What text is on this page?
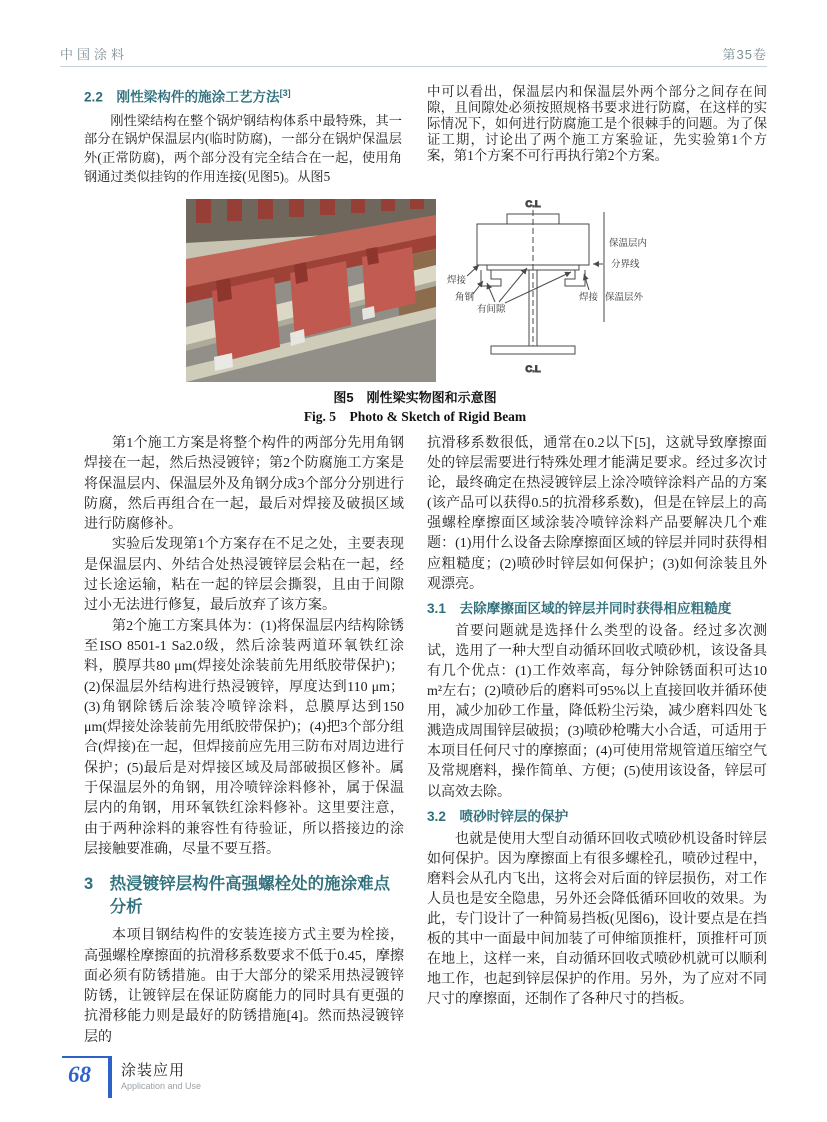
中国涂料	第35卷
2.2　刚性梁构件的施涂工艺方法[3]

刚性梁结构在整个锅炉钢结构体系中最特殊，其一部分在锅炉保温层内(临时防腐)，一部分在锅炉保温层外(正常防腐)，两个部分没有完全结合在一起，使用角钢通过类似挂钩的作用连接(见图5)。从图5

中可以看出，保温层内和保温层外两个部分之间存在间隙，且间隙处必须按照规格书要求进行防腐，在这样的实际情况下，如何进行防腐施工是个很棘手的问题。为了保证工期，讨论出了两个施工方案验证，先实验第1个方案，第1个方案不可行再执行第2个方案。

C.L
C.L
保温层内
分界线
焊接 保温层外
焊接
角钢
有间隙
图5　刚性梁实物图和示意图
Fig. 5　Photo & Sketch of Rigid Beam

第1个施工方案是将整个构件的两部分先用角钢焊接在一起，然后热浸镀锌；第2个防腐施工方案是将保温层内、保温层外及角钢分成3个部分分别进行防腐，然后再组合在一起，最后对焊接及破损区域进行防腐修补。

实验后发现第1个方案存在不足之处，主要表现是保温层内、外结合处热浸镀锌层会粘在一起，经过长途运输，粘在一起的锌层会撕裂，且由于间隙过小无法进行修复，最后放弃了该方案。

第2个施工方案具体为：(1)将保温层内结构除锈至ISO 8501-1 Sa2.0级，然后涂装两道环氧铁红涂料，膜厚共80 μm(焊接处涂装前先用纸胶带保护)；(2)保温层外结构进行热浸镀锌，厚度达到110 μm；(3)角钢除锈后涂装冷喷锌涂料，总膜厚达到150 μm(焊接处涂装前先用纸胶带保护)；(4)把3个部分组合(焊接)在一起，但焊接前应先用三防布对周边进行保护；(5)最后是对焊接区域及局部破损区修补。属于保温层外的角钢，用冷喷锌涂料修补，属于保温层内的角钢，用环氧铁红涂料修补。这里要注意，由于两种涂料的兼容性有待验证，所以搭接边的涂层接触要准确，尽量不要互搭。

3　热浸镀锌层构件高强螺栓处的施涂难点分析

本项目钢结构件的安装连接方式主要为栓接，高强螺栓摩擦面的抗滑移系数要求不低于0.45，摩擦面必须有防锈措施。由于大部分的梁采用热浸镀锌防锈，让镀锌层在保证防腐能力的同时具有更强的抗滑移能力则是最好的防锈措施[4]。然而热浸镀锌层的

抗滑移系数很低，通常在0.2以下[5]，这就导致摩擦面处的锌层需要进行特殊处理才能满足要求。经过多次讨论，最终确定在热浸镀锌层上涂冷喷锌涂料产品的方案(该产品可以获得0.5的抗滑移系数)，但是在锌层上的高强螺栓摩擦面区域涂装冷喷锌涂料产品要解决几个难题：(1)用什么设备去除摩擦面区域的锌层并同时获得相应粗糙度；(2)喷砂时锌层如何保护；(3)如何涂装且外观漂亮。

3.1　去除摩擦面区域的锌层并同时获得相应粗糙度

首要问题就是选择什么类型的设备。经过多次测试，选用了一种大型自动循环回收式喷砂机，该设备具有几个优点：(1)工作效率高，每分钟除锈面积可达10 m²左右；(2)喷砂后的磨料可95%以上直接回收并循环使用，减少加砂工作量，降低粉尘污染，减少磨料四处飞溅造成周围锌层破损；(3)喷砂枪嘴大小合适，可适用于本项目任何尺寸的摩擦面；(4)可使用常规管道压缩空气及常规磨料，操作简单、方便；(5)使用该设备，锌层可以高效去除。

3.2　喷砂时锌层的保护

也就是使用大型自动循环回收式喷砂机设备时锌层如何保护。因为摩擦面上有很多螺栓孔，喷砂过程中，磨料会从孔内飞出，这将会对后面的锌层损伤，对工作人员也是安全隐患，另外还会降低循环回收的效果。为此，专门设计了一种简易挡板(见图6)，设计要点是在挡板的其中一面最中间加装了可伸缩顶推杆，顶推杆可顶在地上，这样一来，自动循环回收式喷砂机就可以顺利地工作，也起到锌层保护的作用。另外，为了应对不同尺寸的摩擦面，还制作了各种尺寸的挡板。

68 涂装应用
Application and Use
